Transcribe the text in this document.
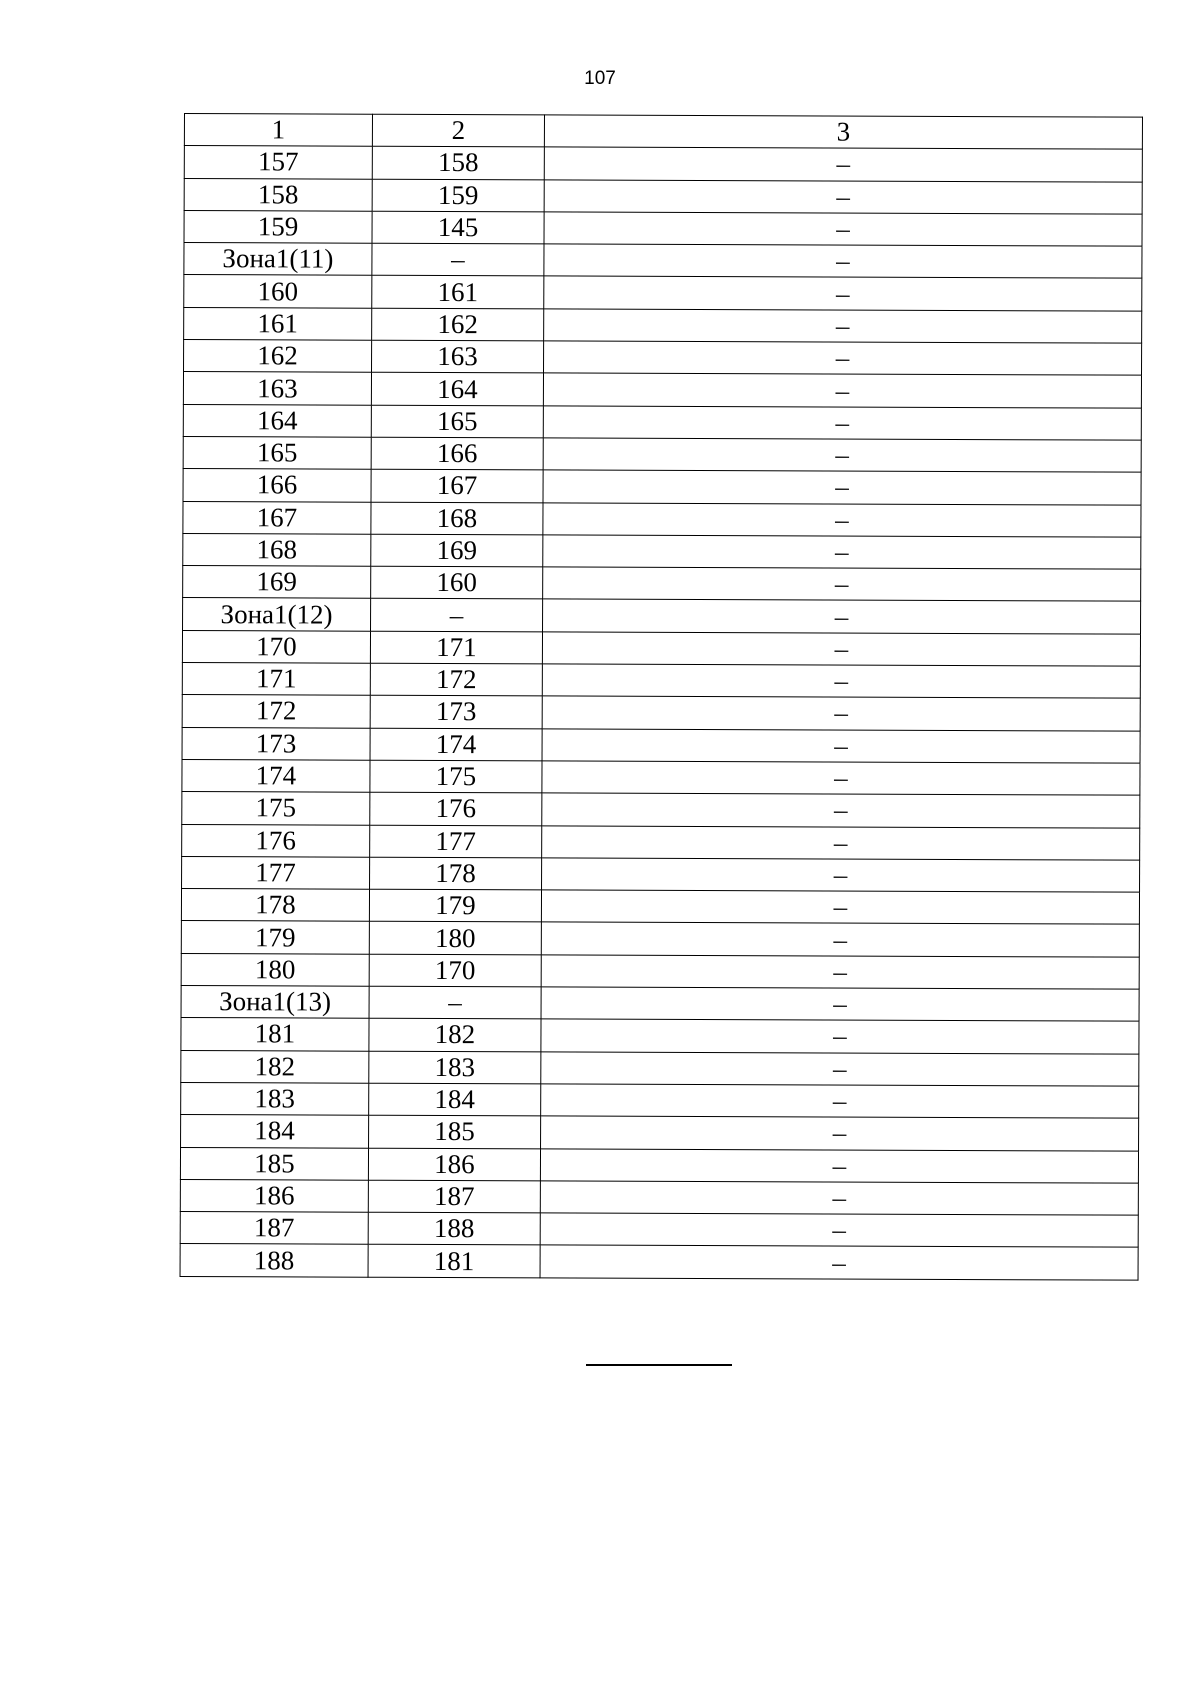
107
1	2	3
157	158	–
158	159	–
159	145	–
Зона1(11)	–	–
160	161	–
161	162	–
162	163	–
163	164	–
164	165	–
165	166	–
166	167	–
167	168	–
168	169	–
169	160	–
Зона1(12)	–	–
170	171	–
171	172	–
172	173	–
173	174	–
174	175	–
175	176	–
176	177	–
177	178	–
178	179	–
179	180	–
180	170	–
Зона1(13)	–	–
181	182	–
182	183	–
183	184	–
184	185	–
185	186	–
186	187	–
187	188	–
188	181	–
